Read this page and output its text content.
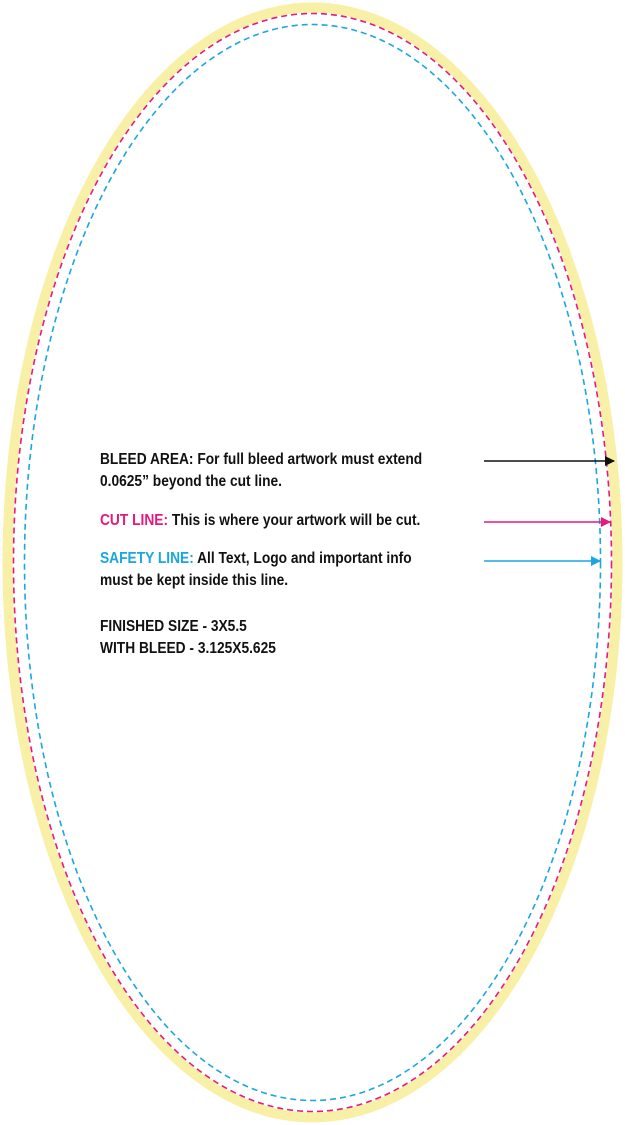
BLEED AREA: For full bleed artwork must extend
0.0625” beyond the cut line.
CUT LINE: This is where your artwork will be cut.
SAFETY LINE: All Text, Logo and important info
must be kept inside this line.
FINISHED SIZE - 3X5.5
WITH BLEED - 3.125X5.625
